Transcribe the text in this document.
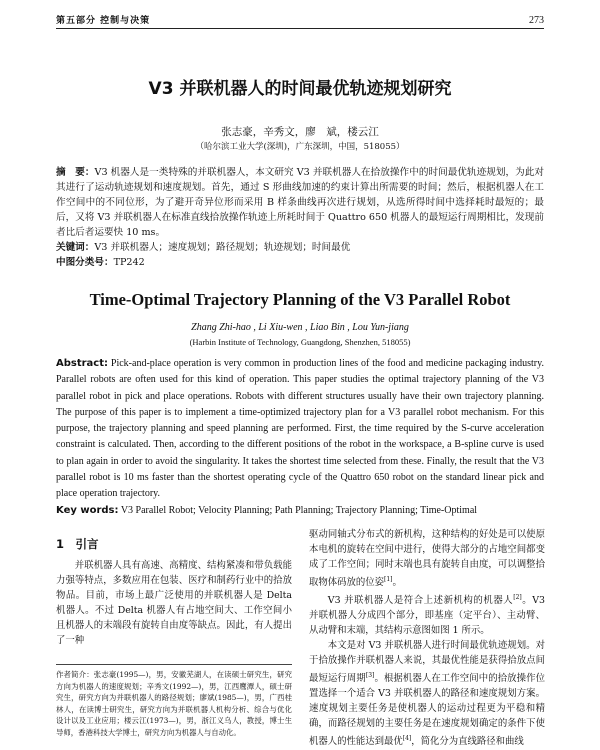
第五部分 控制与决策	273
V3 并联机器人的时间最优轨迹规划研究
张志豪，辛秀文，廖　斌，楼云江
（哈尔滨工业大学(深圳)，广东深圳，中国，518055）

摘　要：V3 机器人是一类特殊的并联机器人，本文研究 V3 并联机器人在拾放操作中的时间最优轨迹规划，为此对其进行了运动轨迹规划和速度规划。首先，通过 S 形曲线加速的约束计算出所需要的时间；然后，根据机器人在工作空间中的不同位形，为了避开奇异位形而采用 B 样条曲线再次进行规划，从选所得时间中选择耗时最短的；最后，又将 V3 并联机器人在标准直线拾放操作轨迹上所耗时间于 Quattro 650 机器人的最短运行周期相比，发现前者比后者运要快 10 ms。

关键词：V3 并联机器人；速度规划；路径规划；轨迹规划；时间最优

中图分类号：TP242

Time-Optimal Trajectory Planning of the V3 Parallel Robot
Zhang Zhi-hao , Li Xiu-wen , Liao Bin , Lou Yun-jiang
(Harbin Institute of Technology, Guangdong, Shenzhen, 518055)

Abstract: Pick-and-place operation is very common in production lines of the food and medicine packaging industry. Parallel robots are often used for this kind of operation. This paper studies the optimal trajectory planning of the V3 parallel robot in pick and place operations. Robots with different structures usually have their own trajectory planning. The purpose of this paper is to implement a time-optimized trajectory plan for a V3 parallel robot mechanism. For this purpose, the trajectory planning and speed planning are performed. First, the time required by the S-curve acceleration constraint is calculated. Then, according to the different positions of the robot in the workspace, a B-spline curve is used to plan again in order to avoid the singularity. It takes the shortest time selected from these. Finally, the result that the V3 parallel robot is 10 ms faster than the shortest operating cycle of the Quattro 650 robot on the standard linear pick and place operation trajectory.

Key words: V3 Parallel Robot; Velocity Planning; Path Planning; Trajectory Planning; Time-Optimal

1　引言

并联机器人具有高速、高精度、结构紧凑和带负载能力强等特点，多数应用在包装、医疗和制药行业中的拾放物品。目前，市场上最广泛使用的并联机器人是 Delta 机器人。不过 Delta 机器人有占地空间大、工作空间小且机器人的末端段有旋转自由度等缺点。因此，有人提出了一种

驱动同轴式分布式的新机构，这种结构的好处是可以使原本电机的旋转在空间中进行，使得大部分的占地空间都变成了工作空间；同时末端也具有旋转自由度，可以调整拾取物体码放的位姿[1]。

V3 并联机器人是符合上述新机构的机器人[2]。V3 并联机器人分成四个部分，即基座（定平台）、主动臂、从动臂和末端，其结构示意图如图 1 所示。

本文是对 V3 并联机器人进行时间最优轨迹规划。对于拾放操作并联机器人来说，其最优性能是获得拾放点间最短运行周期[3]。根据机器人在工作空间中的拾放操作位置选择一个适合 V3 并联机器人的路径和速度规划方案。速度规划主要任务是使机器人的运动过程更为平稳和精确，而路径规划的主要任务是在速度规划确定的条件下使机器人的性能达到最优[4]，简化分为直线路径和曲线

作者简介：张志豪(1995—)，男，安徽芜湖人，在读硕士研究生，研究方向为机器人的速度规划；辛秀文(1992—)，男，江西鹰潭人，硕士研究生，研究方向为并联机器人的路径规划；廖斌(1985—)，男，广西桂林人，在读博士研究生，研究方向为并联机器人机构分析、综合与优化设计以及工业应用；楼云江(1973—)，男，浙江义乌人，教授，博士生导师，香港科技大学博士，研究方向为机器人与自动化。
